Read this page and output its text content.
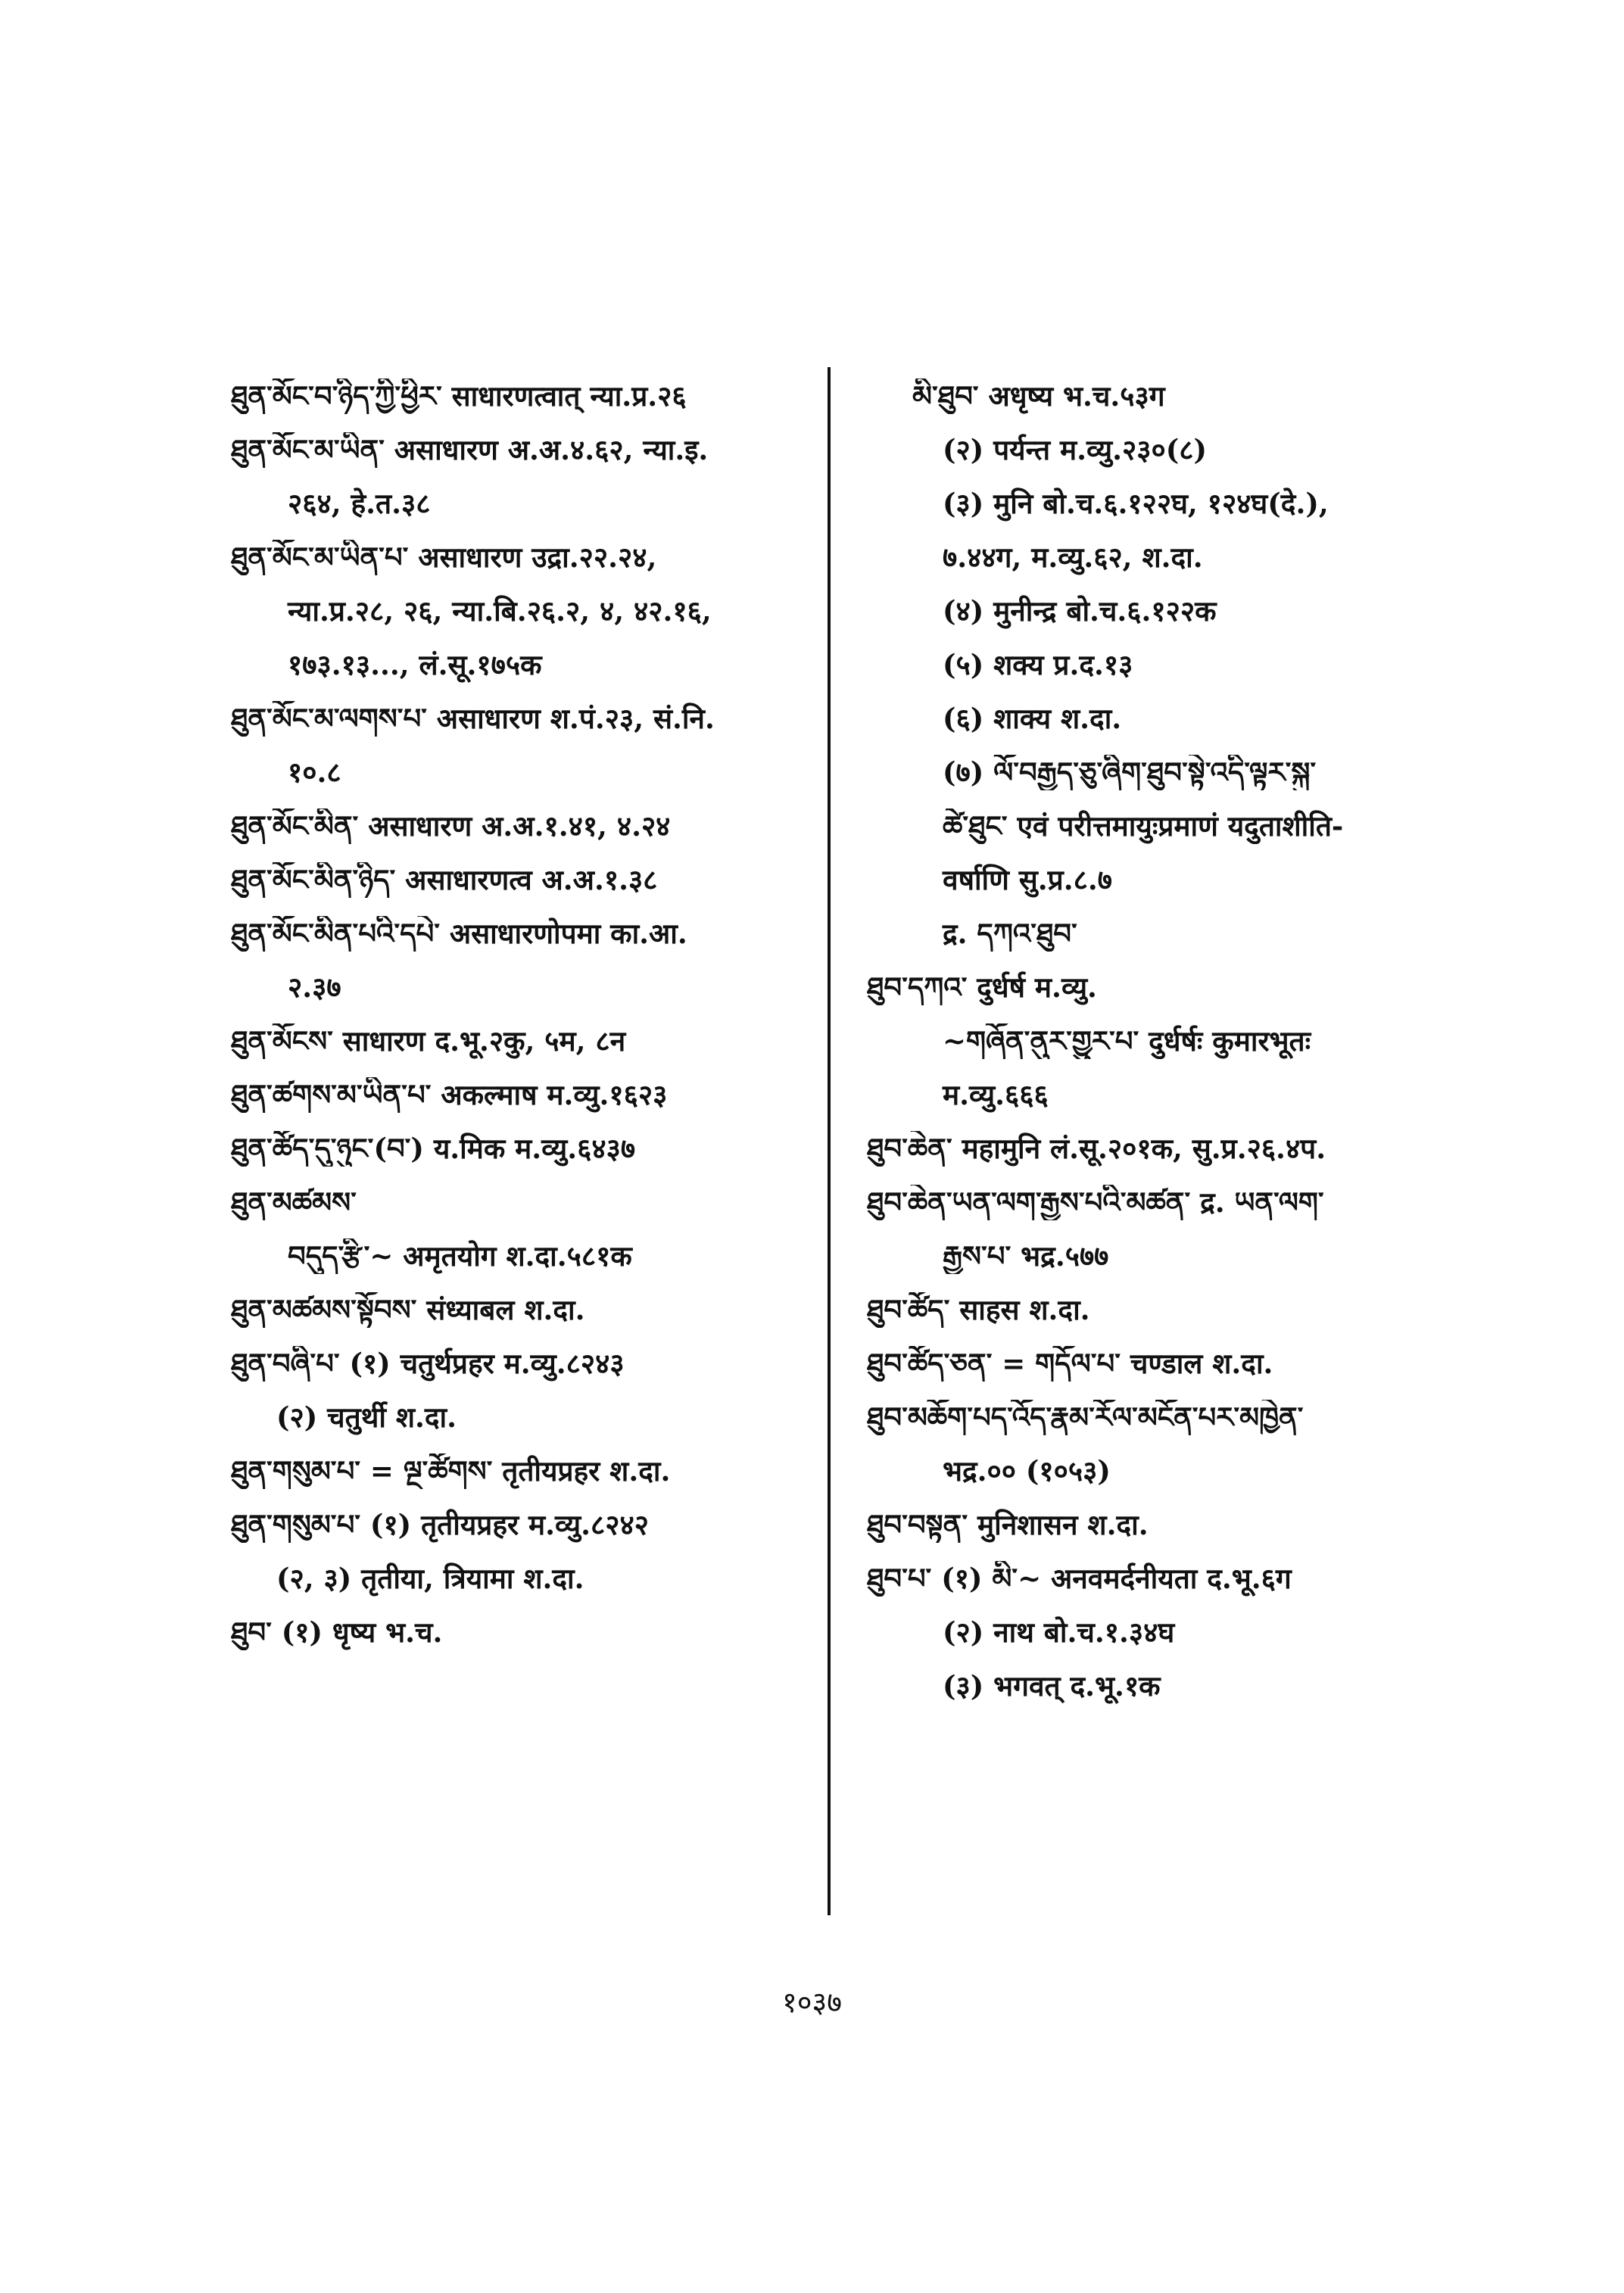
ཐུན་མོང་བ་ཉིད་ཀྱི་ཕྱིར་ साधारणत्वात् न्या.प्र.२६
ཐུན་མོང་མ་ཡིན་ असाधारण अ.अ.४.६२, न्या.इ.
२६४, हे.त.३८
ཐུན་མོང་མ་ཡིན་པ་ असाधारण उद्रा.२२.२४,
न्या.प्र.२८, २६, न्या.बि.२६.२, ४, ४२.१६,
१७३.१३..., लं.सू.१७५क
ཐུན་མོང་མ་ལགས་པ་ असाधारण श.पं.२३, सं.नि.
१०.८
ཐུན་མོང་མིན་ असाधारण अ.अ.१.४१, ४.२४
ཐུན་མོང་མིན་ཉིད་ असाधारणत्व अ.अ.१.३८
ཐུན་མོང་མིན་པའི་དཔེ་ असाधारणोपमा का.आ.
२.३७
ཐུན་མོངས་ साधारण द.भू.२कु, ५म, ८न
ཐུན་ཚགས་མ་ཡིན་པ་ अकल्माष म.व्यु.१६२३
ཐུན་ཚོད་དུ་ཉུང་(བ་) य.मिक म.व्यु.६४३७
ཐུན་མཚམས་
བདུད་རྩི་~ अमृतयोग श.दा.५८१क
ཐུན་མཚམས་སྟོབས་ संध्याबल श.दा.
ཐུན་བཞི་པ་ (१) चतुर्थप्रहर म.व्यु.८२४३
(२) चतुर्थी श.दा.
ཐུན་གསུམ་པ་ = ལྔ་ཚོགས་ तृतीयप्रहर श.दा.
ཐུན་གསུམ་པ་ (१) तृतीयप्रहर म.व्यु.८२४२
(२, ३) तृतीया, त्रियामा श.दा.
ཐུབ་ (१) धृष्य भ.च.
མི་ཐུབ་ अधृष्य भ.च.५३ग
(२) पर्यन्त म.व्यु.२३०(८)
(३) मुनि बो.च.६.१२२घ, १२४घ(दे.),
७.४४ग, म.व्यु.६२, श.दा.
(४) मुनीन्द्र बो.च.६.१२२क
(५) शक्य प्र.द.१३
(६) शाक्य श.दा.
(७) ལོ་བརྒྱད་ཅུ་ཞིག་ཐུབ་སྟེ་འདི་ལྟར་སྐུ་
ཚེ་ཐུང་ एवं परीत्तमायुःप्रमाणं यदुताशीति-
वर्षाणि सु.प्र.८.७
द्र. དཀའ་ཐུབ་
ཐུབ་དཀའ་ दुर्धर्ष म.व्यु.
~གཞོན་ནུར་གྱུར་པ་ दुर्धर्षः कुमारभूतः
म.व्यु.६६६
ཐུབ་ཆེན་ महामुनि लं.सू.२०१क, सु.प्र.२६.४प.
ཐུབ་ཆེན་ཡན་ལག་རྒྱས་པའི་མཚན་ द्र. ཡན་ལག་
རྒྱས་པ་ भद्र.५७७
ཐུབ་ཚོད་ साहस श.दा.
ཐུབ་ཚོད་ཅན་ = གདོལ་པ་ चण्डाल श.दा.
ཐུབ་མཆོག་པད་འོད་རྣམ་རོལ་མངོན་པར་མཁྱེན་
भद्र.०० (१०५३)
ཐུབ་བསྟན་ मुनिशासन श.दा.
ཐུབ་པ་ (१) མི་~ अनवमर्दनीयता द.भू.६ग
(२) नाथ बो.च.१.३४घ
(३) भगवत् द.भू.१क
१०३७
